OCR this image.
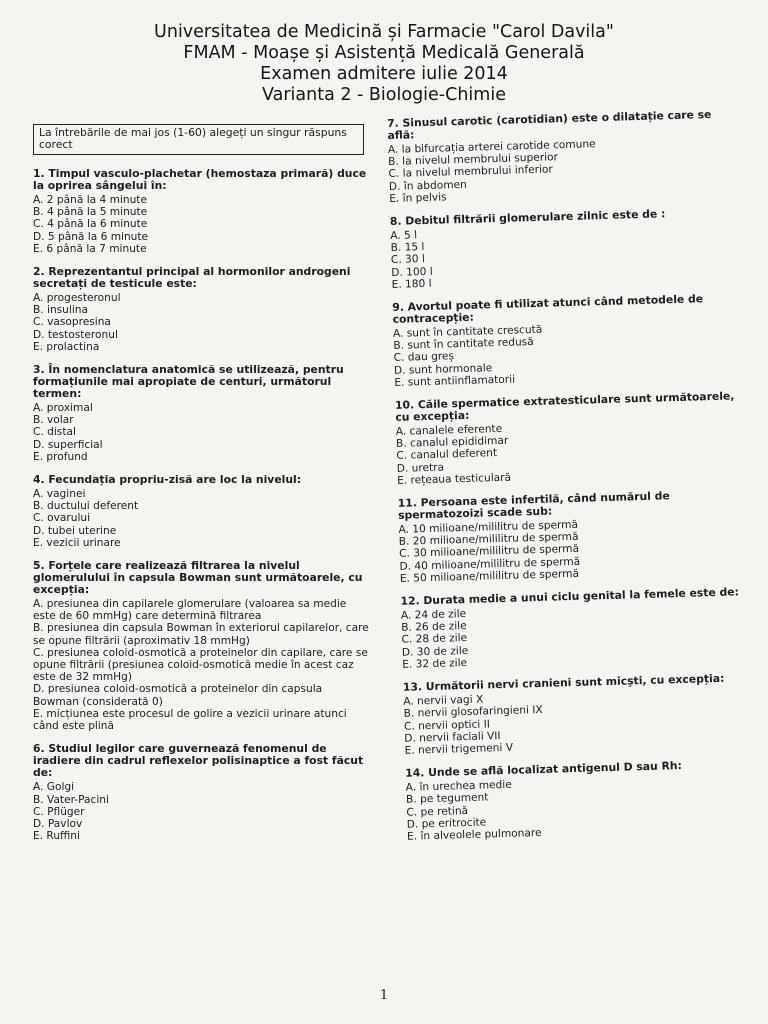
Universitatea de Medicină și Farmacie "Carol Davila"
FMAM - Moașe și Asistență Medicală Generală
Examen admitere iulie 2014
Varianta 2 - Biologie-Chimie
La întrebările de mai jos (1-60) alegeți un singur răspuns corect
1. Timpul vasculo-plachetar (hemostaza primară) duce la oprirea sângelui în:
A. 2 până la 4 minute
B. 4 până la 5 minute
C. 4 până la 6 minute
D. 5 până la 6 minute
E. 6 până la 7 minute
2. Reprezentantul principal al hormonilor androgeni secretați de testicule este:
A. progesteronul
B. insulina
C. vasopresina
D. testosteronul
E. prolactina
3. În nomenclatura anatomică se utilizează, pentru formațiunile mai apropiate de centuri, următorul termen:
A. proximal
B. volar
C. distal
D. superficial
E. profund
4. Fecundația propriu-zisă are loc la nivelul:
A. vaginei
B. ductului deferent
C. ovarului
D. tubei uterine
E. vezicii urinare
5. Forțele care realizează filtrarea la nivelul glomerulului în capsula Bowman sunt următoarele, cu excepția:
A. presiunea din capilarele glomerulare (valoarea sa medie este de 60 mmHg) care determină filtrarea
B. presiunea din capsula Bowman în exteriorul capilarelor, care se opune filtrării (aproximativ 18 mmHg)
C. presiunea coloid-osmotică a proteinelor din capilare, care se opune filtrării (presiunea coloid-osmotică medie în acest caz este de 32 mmHg)
D. presiunea coloid-osmotică a proteinelor din capsula Bowman (considerată 0)
E. micțiunea este procesul de golire a vezicii urinare atunci când este plină
6. Studiul legilor care guvernează fenomenul de iradiere din cadrul reflexelor polisinaptice a fost făcut de:
A. Golgi
B. Vater-Pacini
C. Pflüger
D. Pavlov
E. Ruffini
7. Sinusul carotic (carotidian) este o dilatație care se află:
A. la bifurcația arterei carotide comune
B. la nivelul membrului superior
C. la nivelul membrului inferior
D. în abdomen
E. în pelvis
8. Debitul filtrării glomerulare zilnic este de :
A. 5 l
B. 15 l
C. 30 l
D. 100 l
E. 180 l
9. Avortul poate fi utilizat atunci când metodele de contracepție:
A. sunt în cantitate crescută
B. sunt în cantitate redusă
C. dau greș
D. sunt hormonale
E. sunt antiinflamatorii
10. Căile spermatice extratesticulare sunt următoarele, cu excepția:
A. canalele eferente
B. canalul epididimar
C. canalul deferent
D. uretra
E. rețeaua testiculară
11. Persoana este infertilă, când numărul de spermatozoizi scade sub:
A. 10 milioane/mililitru de spermă
B. 20 milioane/mililitru de spermă
C. 30 milioane/mililitru de spermă
D. 40 milioane/mililitru de spermă
E. 50 milioane/mililitru de spermă
12. Durata medie a unui ciclu genital la femele este de:
A. 24 de zile
B. 26 de zile
C. 28 de zile
D. 30 de zile
E. 32 de zile
13. Următorii nervi cranieni sunt micști, cu excepția:
A. nervii vagi X
B. nervii glosofaringieni IX
C. nervii optici II
D. nervii faciali VII
E. nervii trigemeni V
14. Unde se află localizat antigenul D sau Rh:
A. în urechea medie
B. pe tegument
C. pe retină
D. pe eritrocite
E. în alveolele pulmonare
1
